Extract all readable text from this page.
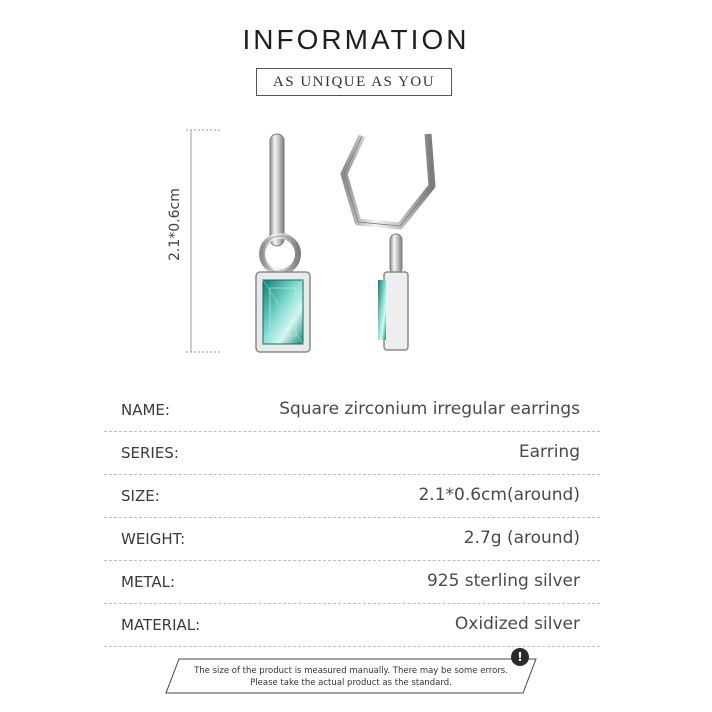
INFORMATION
AS UNIQUE AS YOU
2.1*0.6cm
NAME:	Square zirconium irregular earrings
SERIES:	Earring
SIZE:	2.1*0.6cm(around)
WEIGHT:	2.7g (around)
METAL:	925 sterling silver
MATERIAL:	Oxidized silver
The size of the product is measured manually. There may be some errors.
Please take the actual product as the standard.
!
